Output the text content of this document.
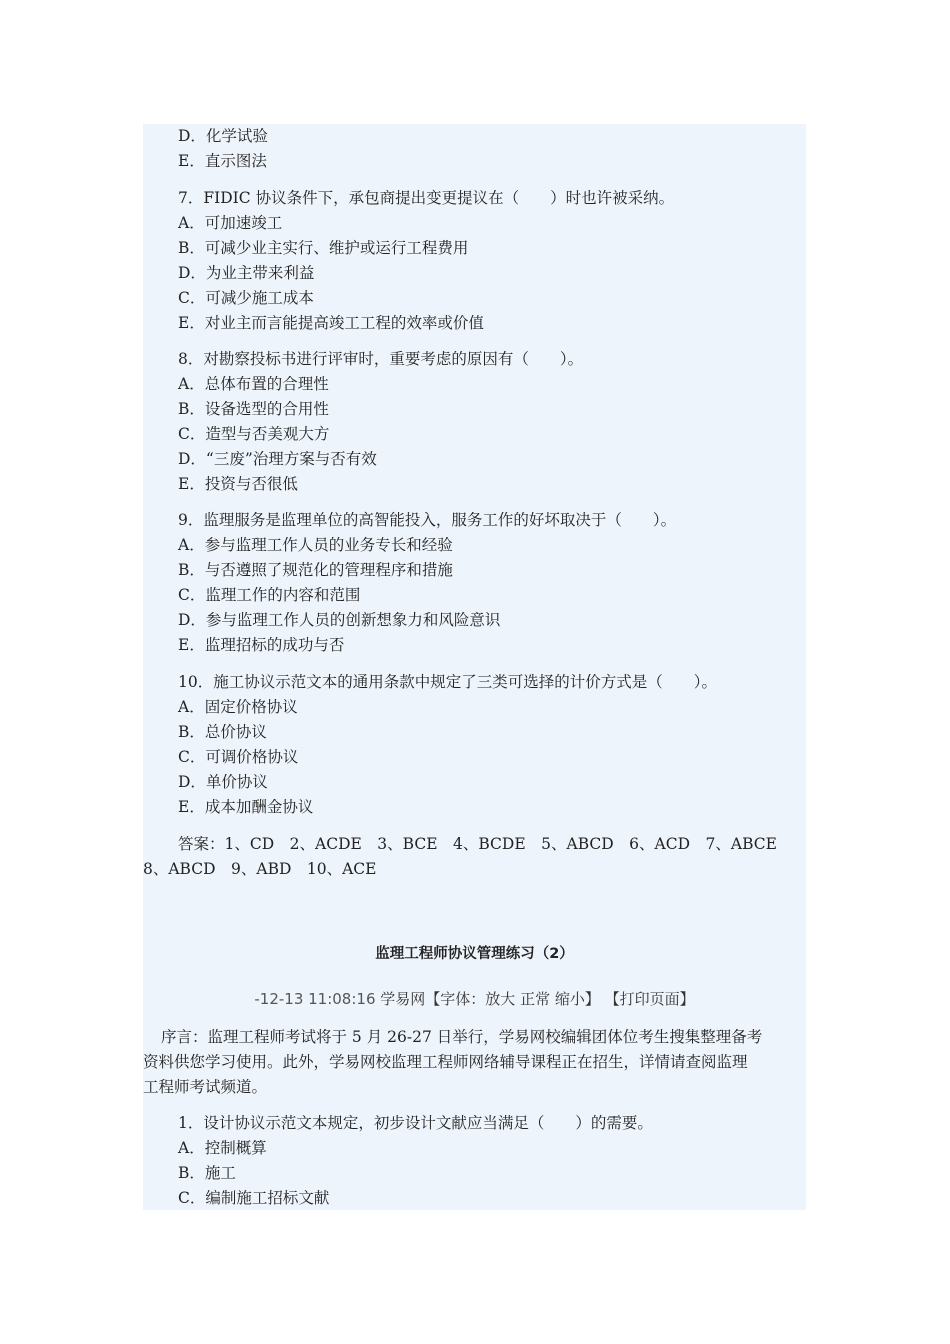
D．化学试验
E．直示图法
7．FIDIC 协议条件下，承包商提出变更提议在（　　）时也许被采纳。
A．可加速竣工
B．可减少业主实行、维护或运行工程费用
D．为业主带来利益
C．可减少施工成本
E．对业主而言能提高竣工工程的效率或价值
8．对勘察投标书进行评审时，重要考虑的原因有（　　）。
A．总体布置的合理性
B．设备选型的合用性
C．造型与否美观大方
D．“三废”治理方案与否有效
E．投资与否很低
9．监理服务是监理单位的高智能投入，服务工作的好坏取决于（　　）。
A．参与监理工作人员的业务专长和经验
B．与否遵照了规范化的管理程序和措施
C．监理工作的内容和范围
D．参与监理工作人员的创新想象力和风险意识
E．监理招标的成功与否
10．施工协议示范文本的通用条款中规定了三类可选择的计价方式是（　　）。
A．固定价格协议
B．总价协议
C．可调价格协议
D．单价协议
E．成本加酬金协议
答案：1、CD　2、ACDE　3、BCE　4、BCDE　5、ABCD　6、ACD　7、ABCE
8、ABCD　9、ABD　10、ACE
监理工程师协议管理练习（2）
-12-13 11:08:16 学易网【字体：放大 正常 缩小】 【打印页面】
序言：监理工程师考试将于 5 月 26-27 日举行，学易网校编辑团体位考生搜集整理备考
资料供您学习使用。此外，学易网校监理工程师网络辅导课程正在招生，详情请查阅监理
工程师考试频道。
1．设计协议示范文本规定，初步设计文献应当满足（　　）的需要。
A．控制概算
B．施工
C．编制施工招标文献
